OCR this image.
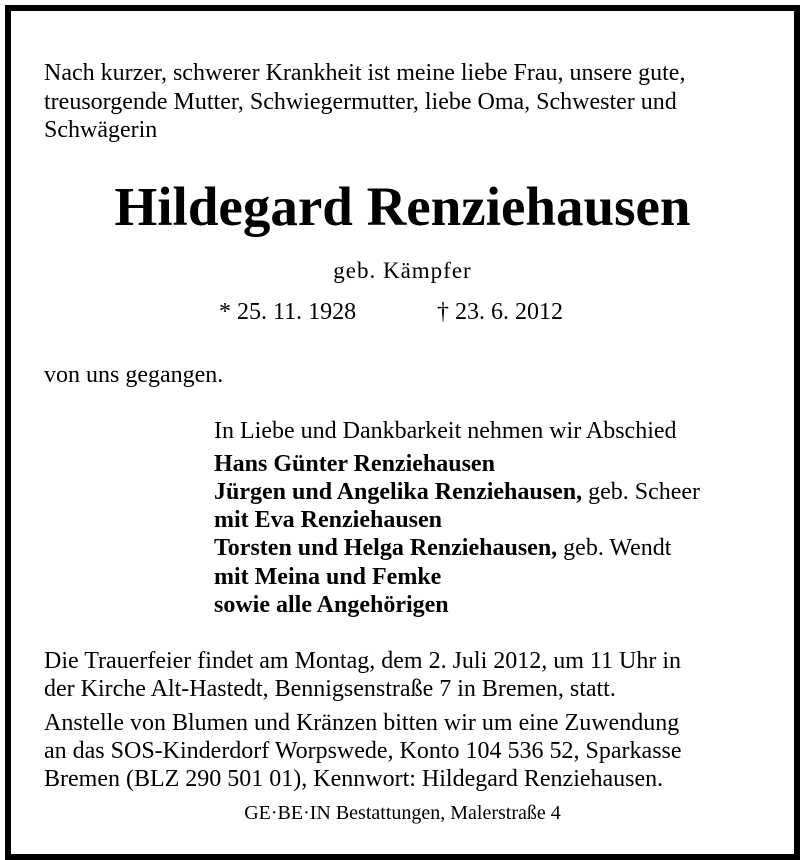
Nach kurzer, schwerer Krankheit ist meine liebe Frau, unsere gute,
treusorgende Mutter, Schwiegermutter, liebe Oma, Schwester und
Schwägerin
Hildegard Renziehausen
geb. Kämpfer
* 25. 11. 1928	† 23. 6. 2012
von uns gegangen.
In Liebe und Dankbarkeit nehmen wir Abschied
Hans Günter Renziehausen
Jürgen und Angelika Renziehausen, geb. Scheer
mit Eva Renziehausen
Torsten und Helga Renziehausen, geb. Wendt
mit Meina und Femke
sowie alle Angehörigen
Die Trauerfeier findet am Montag, dem 2. Juli 2012, um 11 Uhr in
der Kirche Alt-Hastedt, Bennigsenstraße 7 in Bremen, statt.
Anstelle von Blumen und Kränzen bitten wir um eine Zuwendung
an das SOS-Kinderdorf Worpswede, Konto 104 536 52, Sparkasse
Bremen (BLZ 290 501 01), Kennwort: Hildegard Renziehausen.
GE·BE·IN Bestattungen, Malerstraße 4
